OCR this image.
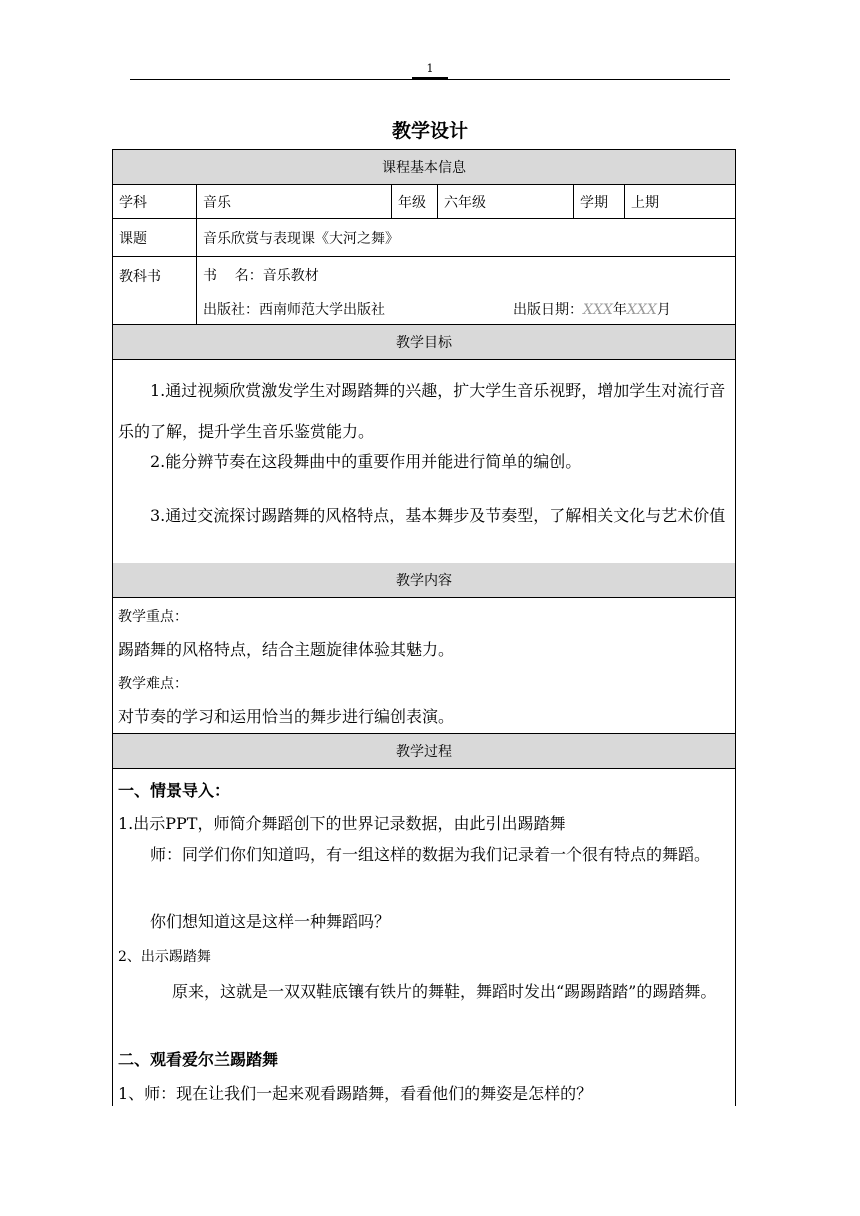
1
教学设计
课程基本信息
学科	音乐	年级	六年级	学期	上期
课题	音乐欣赏与表现课《大河之舞》
教科书	书    名：音乐教材
出版社：西南师范大学出版社	出版日期：XXX年XXX月
教学目标
1.通过视频欣赏激发学生对踢踏舞的兴趣，扩大学生音乐视野，增加学生对流行音乐的了解，提升学生音乐鉴赏能力。
2.能分辨节奏在这段舞曲中的重要作用并能进行简单的编创。
3.通过交流探讨踢踏舞的风格特点，基本舞步及节奏型，了解相关文化与艺术价值
教学内容
教学重点：
踢踏舞的风格特点，结合主题旋律体验其魅力。
教学难点：
对节奏的学习和运用恰当的舞步进行编创表演。
教学过程
一、情景导入：
1.出示PPT，师简介舞蹈创下的世界记录数据，由此引出踢踏舞
师：同学们你们知道吗，有一组这样的数据为我们记录着一个很有特点的舞蹈。
你们想知道这是这样一种舞蹈吗？
2、出示踢踏舞
原来，这就是一双双鞋底镶有铁片的舞鞋，舞蹈时发出“踢踢踏踏”的踢踏舞。
二、观看爱尔兰踢踏舞
1、师：现在让我们一起来观看踢踏舞，看看他们的舞姿是怎样的？
